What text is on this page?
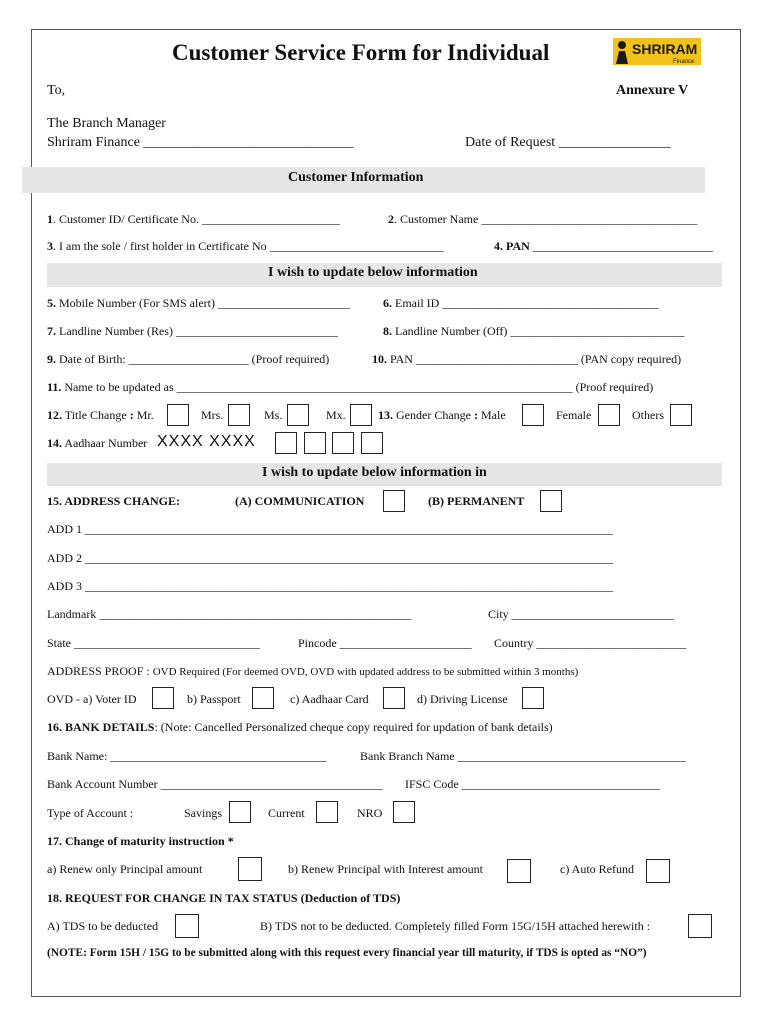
Customer Service Form for Individual	SHRIRAM
Finance
To,	Annexure V
The Branch Manager
Shriram Finance ______________________________	Date of Request ________________
Customer Information
1. Customer ID/ Certificate No. _______________________	2. Customer Name ____________________________________
3. I am the sole / first holder in Certificate No _____________________________	4. PAN ______________________________
I wish to update below information
5. Mobile Number (For SMS alert) ______________________	6. Email ID ____________________________________
7. Landline Number (Res) ___________________________	8. Landline Number (Off) _____________________________
9. Date of Birth: ____________________ (Proof required)	10. PAN ___________________________ (PAN copy required)
11. Name to be updated as __________________________________________________________________ (Proof required)
12. Title Change : Mr.	Mrs.	Ms.	Mx.	13. Gender Change : Male	Female	Others
14. Aadhaar Number XXXX XXXX
I wish to update below information in
15. ADDRESS CHANGE:	(A) COMMUNICATION	(B) PERMANENT
ADD 1 ________________________________________________________________________________________
ADD 2 ________________________________________________________________________________________
ADD 3 ________________________________________________________________________________________
Landmark ____________________________________________________	City ___________________________
State _______________________________	Pincode ______________________ Country _________________________
ADDRESS PROOF : OVD Required (For deemed OVD, OVD with updated address to be submitted within 3 months)
OVD - a) Voter ID	b) Passport	c) Aadhaar Card	d) Driving License
16. BANK DETAILS: (Note: Cancelled Personalized cheque copy required for updation of bank details)
Bank Name: ____________________________________	Bank Branch Name ______________________________________
Bank Account Number _____________________________________ IFSC Code _________________________________
Type of Account :	Savings	Current	NRO
17. Change of maturity instruction *
a) Renew only Principal amount	b) Renew Principal with Interest amount	c) Auto Refund
18. REQUEST FOR CHANGE IN TAX STATUS (Deduction of TDS)
A) TDS to be deducted	B) TDS not to be deducted. Completely filled Form 15G/15H attached herewith :
(NOTE: Form 15H / 15G to be submitted along with this request every financial year till maturity, if TDS is opted as “NO”)
